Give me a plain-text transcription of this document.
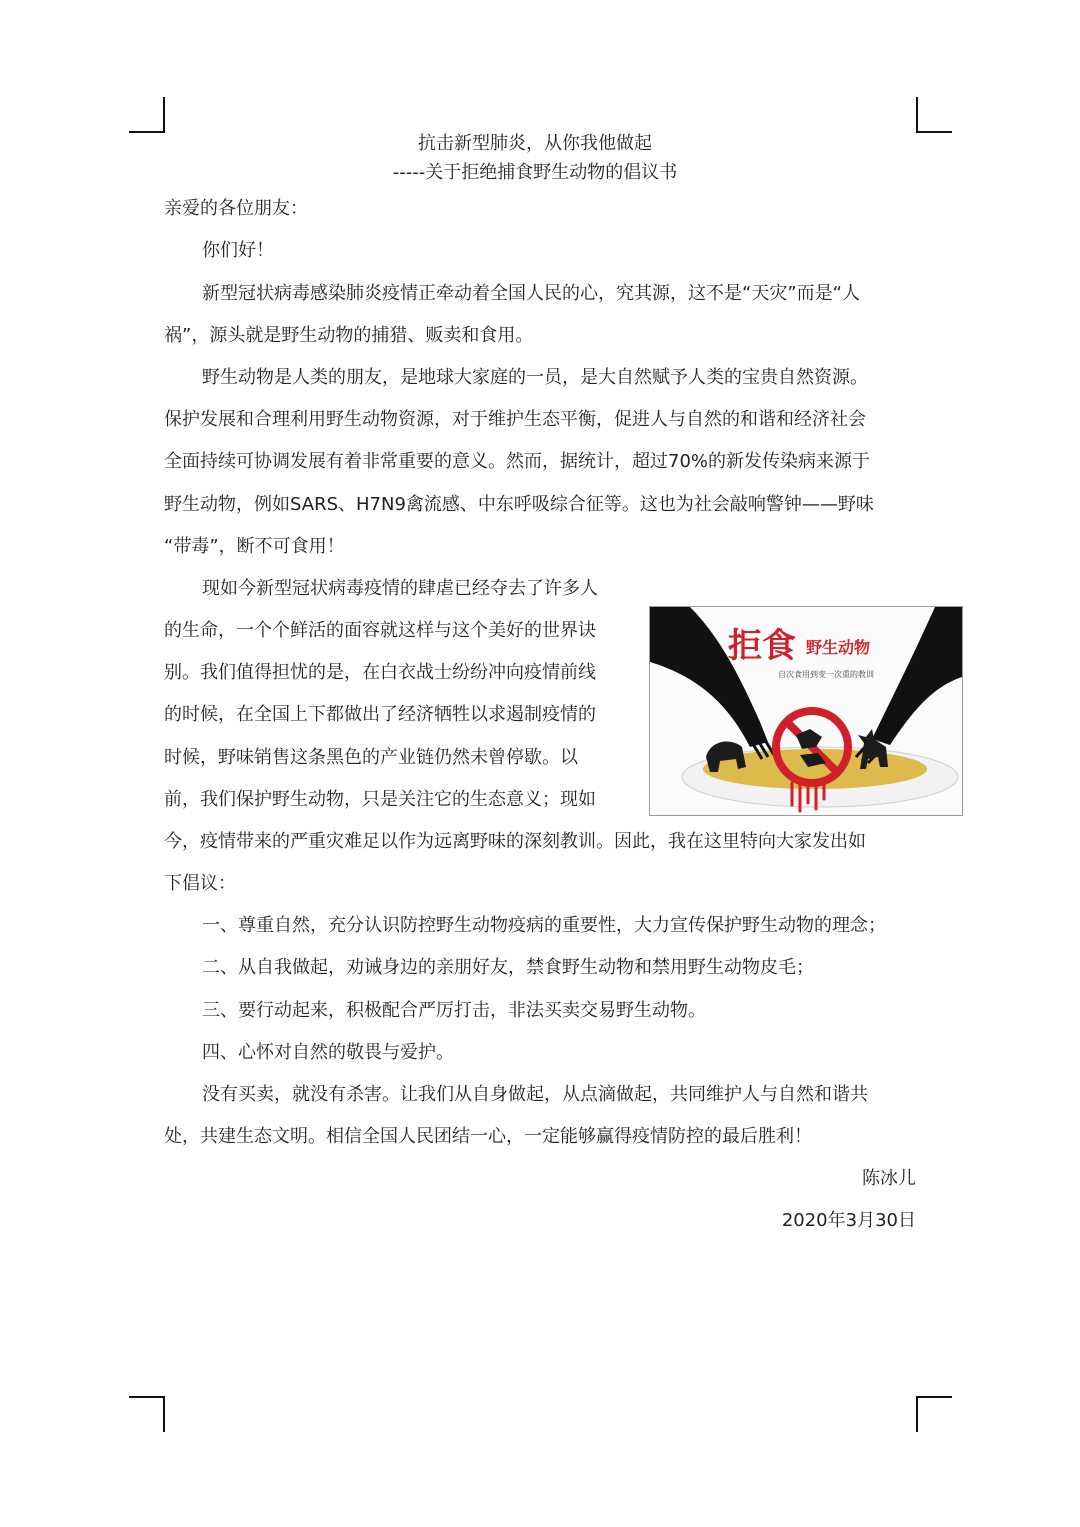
抗击新型肺炎，从你我他做起
-----关于拒绝捕食野生动物的倡议书
亲爱的各位朋友：
你们好！
新型冠状病毒感染肺炎疫情正牵动着全国人民的心，究其源，这不是“天灾”而是“人
祸”，源头就是野生动物的捕猎、贩卖和食用。
野生动物是人类的朋友，是地球大家庭的一员，是大自然赋予人类的宝贵自然资源。
保护发展和合理利用野生动物资源，对于维护生态平衡，促进人与自然的和谐和经济社会
全面持续可协调发展有着非常重要的意义。然而，据统计，超过70%的新发传染病来源于
野生动物，例如SARS、H7N9禽流感、中东呼吸综合征等。这也为社会敲响警钟——野味
“带毒”，断不可食用！
现如今新型冠状病毒疫情的肆虐已经夺去了许多人
的生命，一个个鲜活的面容就这样与这个美好的世界诀
别。我们值得担忧的是，在白衣战士纷纷冲向疫情前线
的时候，在全国上下都做出了经济牺牲以求遏制疫情的
时候，野味销售这条黑色的产业链仍然未曾停歇。以
前，我们保护野生动物，只是关注它的生态意义；现如
今，疫情带来的严重灾难足以作为远离野味的深刻教训。因此，我在这里特向大家发出如
下倡议：
一、尊重自然，充分认识防控野生动物疫病的重要性，大力宣传保护野生动物的理念；
二、从自我做起，劝诫身边的亲朋好友，禁食野生动物和禁用野生动物皮毛；
三、要行动起来，积极配合严厉打击，非法买卖交易野生动物。
四、心怀对自然的敬畏与爱护。
没有买卖，就没有杀害。让我们从自身做起，从点滴做起，共同维护人与自然和谐共
处，共建生态文明。相信全国人民团结一心，一定能够赢得疫情防控的最后胜利！
陈冰儿
2020年3月30日
拒食 野生动物
自次食用到变一次重的教训
